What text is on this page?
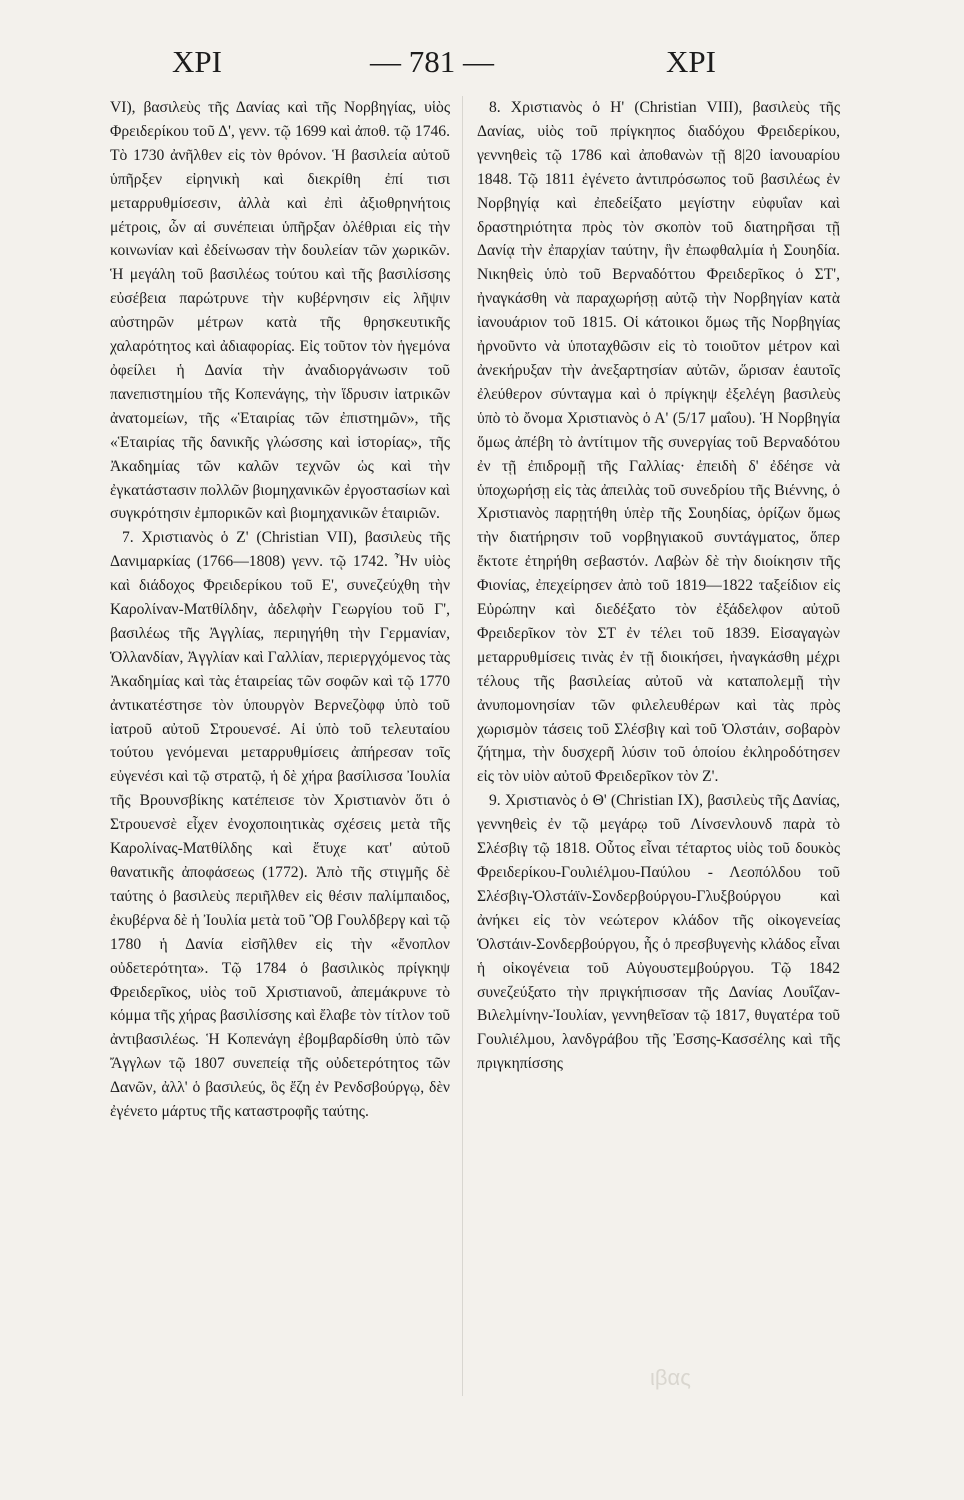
XPI	— 781 —	XPI

VI), βασιλεὺς τῆς Δανίας καὶ τῆς Νορβηγίας, υἱὸς Φρειδερίκου τοῦ Δ', γενν. τῷ 1699 καὶ ἀποθ. τῷ 1746. Τὸ 1730 ἀνῆλθεν εἰς τὸν θρόνον. Ἡ βασιλεία αὐτοῦ ὑπῆρξεν εἰρηνικὴ καὶ διεκρίθη ἐπί τισι μεταρρυθμίσεσιν, ἀλλὰ καὶ ἐπὶ ἀξιοθρηνήτοις μέτροις, ὧν αἱ συνέπειαι ὑπῆρξαν ὀλέθριαι εἰς τὴν κοινωνίαν καὶ ἐδείνωσαν τὴν δουλείαν τῶν χωρικῶν. Ἡ μεγάλη τοῦ βασιλέως τούτου καὶ τῆς βασιλίσσης εὐσέβεια παρώτρυνε τὴν κυβέρνησιν εἰς λῆψιν αὐστηρῶν μέτρων κατὰ τῆς θρησκευτικῆς χαλαρότητος καὶ ἀδιαφορίας. Εἰς τοῦτον τὸν ἡγεμόνα ὀφείλει ἡ Δανία τὴν ἀναδιοργάνωσιν τοῦ πανεπιστημίου τῆς Κοπενάγης, τὴν ἵδρυσιν ἰατρικῶν ἀνατομείων, τῆς «Ἑταιρίας τῶν ἐπιστημῶν», τῆς «Ἑταιρίας τῆς δανικῆς γλώσσης καὶ ἱστορίας», τῆς Ἀκαδημίας τῶν καλῶν τεχνῶν ὡς καὶ τὴν ἐγκατάστασιν πολλῶν βιομηχανικῶν ἐργοστασίων καὶ συγκρότησιν ἐμπορικῶν καὶ βιομηχανικῶν ἑταιριῶν.

7. Χριστιανὸς ὁ Ζ' (Christian VII), βασιλεὺς τῆς Δανιμαρκίας (1766—1808) γενν. τῷ 1742. Ἦν υἱὸς καὶ διάδοχος Φρειδερίκου τοῦ Ε', συνεζεύχθη τὴν Καρολίναν-Ματθίλδην, ἀδελφὴν Γεωργίου τοῦ Γ', βασιλέως τῆς Ἀγγλίας, περιηγήθη τὴν Γερμανίαν, Ὁλλανδίαν, Ἀγγλίαν καὶ Γαλλίαν, περιεργχόμενος τὰς Ἀκαδημίας καὶ τὰς ἑταιρείας τῶν σοφῶν καὶ τῷ 1770 ἀντικατέστησε τὸν ὑπουργὸν Βερνεζὸφφ ὑπὸ τοῦ ἰατροῦ αὐτοῦ Στρουενσέ. Αἱ ὑπὸ τοῦ τελευταίου τούτου γενόμεναι μεταρρυθμίσεις ἀπήρεσαν τοῖς εὐγενέσι καὶ τῷ στρατῷ, ἡ δὲ χήρα βασίλισσα Ἰουλία τῆς Βρουνσβίκης κατέπεισε τὸν Χριστιανὸν ὅτι ὁ Στρουενσὲ εἶχεν ἐνοχοποιητικὰς σχέσεις μετὰ τῆς Καρολίνας-Ματθίλδης καὶ ἔτυχε κατ' αὐτοῦ θανατικῆς ἀποφάσεως (1772). Ἀπὸ τῆς στιγμῆς δὲ ταύτης ὁ βασιλεὺς περιῆλθεν εἰς θέσιν παλίμπαιδος, ἐκυβέρνα δὲ ἡ Ἰουλία μετὰ τοῦ Ὂβ Γουλδβεργ καὶ τῷ 1780 ἡ Δανία εἰσῆλθεν εἰς τὴν «ἔνοπλον οὐδετερότητα». Τῷ 1784 ὁ βασιλικὸς πρίγκηψ Φρειδερῖκος, υἱὸς τοῦ Χριστιανοῦ, ἀπεμάκρυνε τὸ κόμμα τῆς χήρας βασιλίσσης καὶ ἔλαβε τὸν τίτλον τοῦ ἀντιβασιλέως. Ἡ Κοπενάγη ἐβομβαρδίσθη ὑπὸ τῶν Ἄγγλων τῷ 1807 συνεπείᾳ τῆς οὐδετερότητος τῶν Δανῶν, ἀλλ' ὁ βασιλεύς, ὃς ἔζη ἐν Ρενδσβούργῳ, δὲν ἐγένετο μάρτυς τῆς καταστροφῆς ταύτης.

8. Χριστιανὸς ὁ Η' (Christian VIII), βασιλεὺς τῆς Δανίας, υἱὸς τοῦ πρίγκηπος διαδόχου Φρειδερίκου, γεννηθεὶς τῷ 1786 καὶ ἀποθανὼν τῇ 8|20 ἰανουαρίου 1848. Τῷ 1811 ἐγένετο ἀντιπρόσωπος τοῦ βασιλέως ἐν Νορβηγίᾳ καὶ ἐπεδείξατο μεγίστην εὐφυΐαν καὶ δραστηριότητα πρὸς τὸν σκοπὸν τοῦ διατηρῆσαι τῇ Δανίᾳ τὴν ἐπαρχίαν ταύτην, ἣν ἐπωφθαλμία ἡ Σουηδία. Νικηθεὶς ὑπὸ τοῦ Βερναδόττου Φρειδερῖκος ὁ ΣΤ', ἠναγκάσθη νὰ παραχωρήσῃ αὐτῷ τὴν Νορβηγίαν κατὰ ἰανουάριον τοῦ 1815. Οἱ κάτοικοι ὅμως τῆς Νορβηγίας ἠρνοῦντο νὰ ὑποταχθῶσιν εἰς τὸ τοιοῦτον μέτρον καὶ ἀνεκήρυξαν τὴν ἀνεξαρτησίαν αὐτῶν, ὥρισαν ἑαυτοῖς ἐλεύθερον σύνταγμα καὶ ὁ πρίγκηψ ἐξελέγη βασιλεὺς ὑπὸ τὸ ὄνομα Χριστιανὸς ὁ Α' (5/17 μαΐου). Ἡ Νορβηγία ὅμως ἀπέβη τὸ ἀντίτιμον τῆς συνεργίας τοῦ Βερναδότου ἐν τῇ ἐπιδρομῇ τῆς Γαλλίας· ἐπειδὴ δ' ἐδέησε νὰ ὑποχωρήσῃ εἰς τὰς ἀπειλὰς τοῦ συνεδρίου τῆς Βιέννης, ὁ Χριστιανὸς παρῃτήθη ὑπὲρ τῆς Σουηδίας, ὁρίζων ὅμως τὴν διατήρησιν τοῦ νορβηγιακοῦ συντάγματος, ὅπερ ἔκτοτε ἐτηρήθη σεβαστόν. Λαβὼν δὲ τὴν διοίκησιν τῆς Φιονίας, ἐπεχείρησεν ἀπὸ τοῦ 1819—1822 ταξείδιον εἰς Εὐρώπην καὶ διεδέξατο τὸν ἐξάδελφον αὐτοῦ Φρειδερῖκον τὸν ΣΤ ἐν τέλει τοῦ 1839. Εἰσαγαγὼν μεταρρυθμίσεις τινὰς ἐν τῇ διοικήσει, ἠναγκάσθη μέχρι τέλους τῆς βασιλείας αὐτοῦ νὰ καταπολεμῇ τὴν ἀνυπομονησίαν τῶν φιλελευθέρων καὶ τὰς πρὸς χωρισμὸν τάσεις τοῦ Σλέσβιγ καὶ τοῦ Ὁλστάιν, σοβαρὸν ζήτημα, τὴν δυσχερῆ λύσιν τοῦ ὁποίου ἐκληροδότησεν εἰς τὸν υἱὸν αὐτοῦ Φρειδερῖκον τὸν Ζ'.

9. Χριστιανὸς ὁ Θ' (Christian IX), βασιλεὺς τῆς Δανίας, γεννηθεὶς ἐν τῷ μεγάρῳ τοῦ Λίνσενλουνδ παρὰ τὸ Σλέσβιγ τῷ 1818. Οὗτος εἶναι τέταρτος υἱὸς τοῦ δουκὸς Φρειδερίκου-Γουλιέλμου-Παύλου - Λεοπόλδου τοῦ Σλέσβιγ-Ὁλστάϊν-Σονδερβούργου-Γλυξβούργου καὶ ἀνήκει εἰς τὸν νεώτερον κλάδον τῆς οἰκογενείας Ὁλστάιν-Σονδερβούργου, ἧς ὁ πρεσβυγενὴς κλάδος εἶναι ἡ οἰκογένεια τοῦ Αὐγουστεμβούργου. Τῷ 1842 συνεζεύξατο τὴν πριγκήπισσαν τῆς Δανίας Λουΐζαν-Βιλελμίνην-Ἰουλίαν, γεννηθεῖσαν τῷ 1817, θυγατέρα τοῦ Γουλιέλμου, λανδγράβου τῆς Ἐσσης-Κασσέλης καὶ τῆς πριγκηπίσσης

ιβας
